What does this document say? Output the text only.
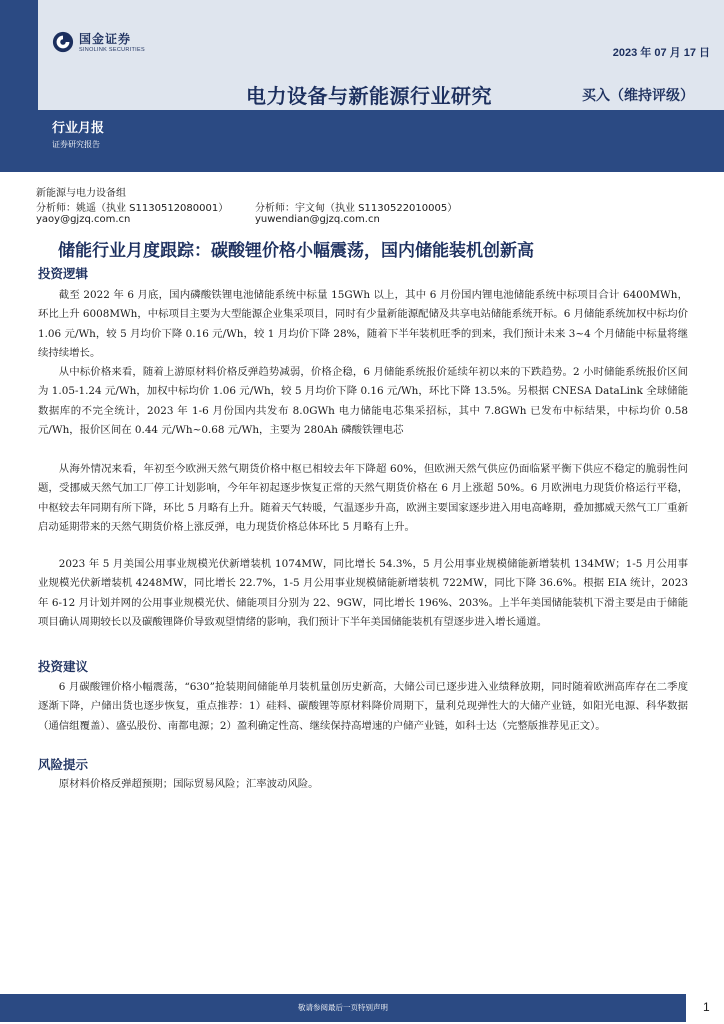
国金证券
SINOLINK SECURITIES	2023 年 07 月 17 日
电力设备与新能源行业研究	买入（维持评级）
行业月报
证券研究报告
新能源与电力设备组
分析师：姚遥（执业 S1130512080001）	分析师：宇文甸（执业 S1130522010005）
yaoy@gjzq.com.cn	yuwendian@gjzq.com.cn
储能行业月度跟踪：碳酸锂价格小幅震荡，国内储能装机创新高
投资逻辑
截至 2022 年 6 月底，国内磷酸铁锂电池储能系统中标量 15GWh 以上，其中 6 月份国内锂电池储能系统中标项目合计 6400MWh，环比上升 6008MWh，中标项目主要为大型能源企业集采项目，同时有少量新能源配储及共享电站储能系统开标。6 月储能系统加权中标均价 1.06 元/Wh，较 5 月均价下降 0.16 元/Wh，较 1 月均价下降 28%，随着下半年装机旺季的到来，我们预计未来 3~4 个月储能中标量将继续持续增长。
从中标价格来看，随着上游原材料价格反弹趋势减弱，价格企稳，6 月储能系统报价延续年初以来的下跌趋势。2 小时储能系统报价区间为 1.05-1.24 元/Wh，加权中标均价 1.06 元/Wh，较 5 月均价下降 0.16 元/Wh，环比下降 13.5%。另根据 CNESA DataLink 全球储能数据库的不完全统计，2023 年 1-6 月份国内共发布 8.0GWh 电力储能电芯集采招标，其中 7.8GWh 已发布中标结果，中标均价 0.58 元/Wh，报价区间在 0.44 元/Wh~0.68 元/Wh，主要为 280Ah 磷酸铁锂电芯
从海外情况来看，年初至今欧洲天然气期货价格中枢已相较去年下降超 60%，但欧洲天然气供应仍面临紧平衡下供应不稳定的脆弱性问题，受挪威天然气加工厂停工计划影响，今年年初起逐步恢复正常的天然气期货价格在 6 月上涨超 50%。6 月欧洲电力现货价格运行平稳，中枢较去年同期有所下降，环比 5 月略有上升。随着天气转暖，气温逐步升高，欧洲主要国家逐步进入用电高峰期，叠加挪威天然气工厂重新启动延期带来的天然气期货价格上涨反弹，电力现货价格总体环比 5 月略有上升。
2023 年 5 月美国公用事业规模光伏新增装机 1074MW，同比增长 54.3%，5 月公用事业规模储能新增装机 134MW；1-5 月公用事业规模光伏新增装机 4248MW，同比增长 22.7%，1-5 月公用事业规模储能新增装机 722MW，同比下降 36.6%。根据 EIA 统计，2023 年 6-12 月计划并网的公用事业规模光伏、储能项目分别为 22、9GW，同比增长 196%、203%。上半年美国储能装机下滑主要是由于储能项目确认周期较长以及碳酸锂降价导致观望情绪的影响，我们预计下半年美国储能装机有望逐步进入增长通道。
投资建议
6 月碳酸锂价格小幅震荡，“630”抢装期间储能单月装机量创历史新高，大储公司已逐步进入业绩释放期，同时随着欧洲高库存在二季度逐渐下降，户储出货也逐步恢复，重点推荐：1）硅料、碳酸锂等原材料降价周期下，量利兑现弹性大的大储产业链，如阳光电源、科华数据（通信组覆盖）、盛弘股份、南都电源；2）盈利确定性高、继续保持高增速的户储产业链，如科士达（完整版推荐见正文）。
风险提示
原材料价格反弹超预期；国际贸易风险；汇率波动风险。
敬请参阅最后一页特别声明	1
